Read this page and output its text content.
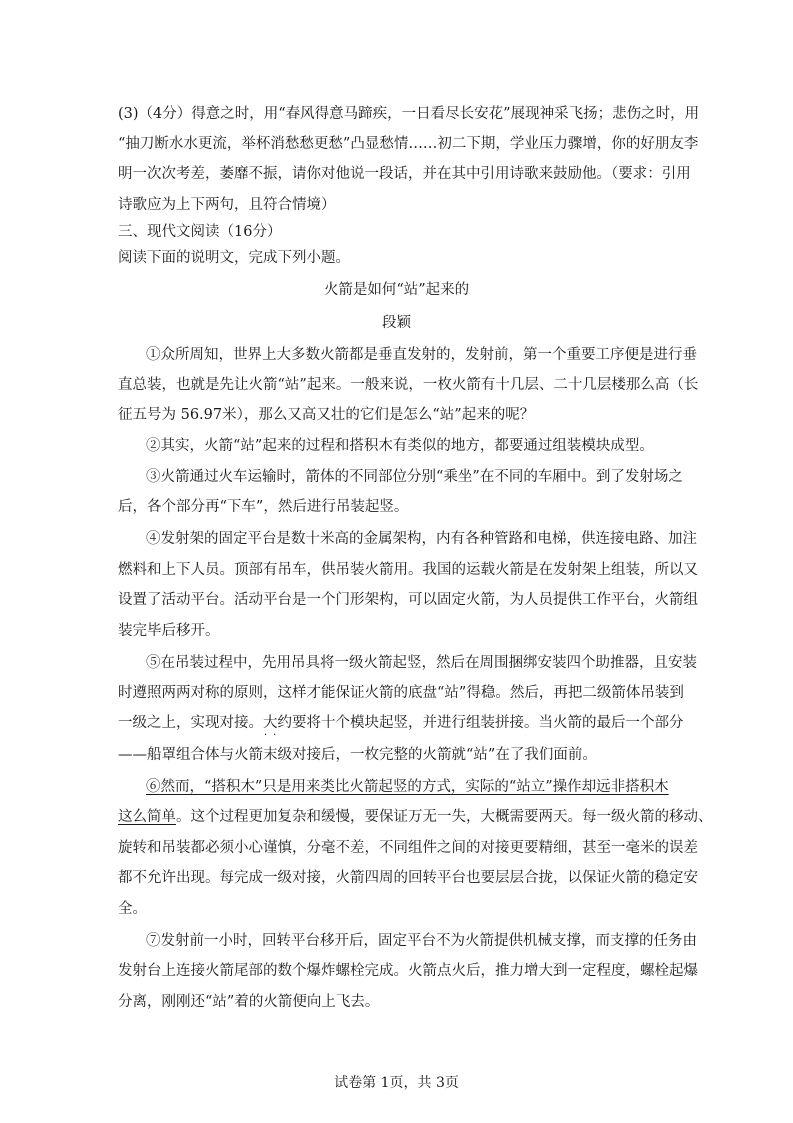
(3)（4分）得意之时，用“春风得意马蹄疾，一日看尽长安花”展现神采飞扬；悲伤之时，用
“抽刀断水水更流，举杯消愁愁更愁”凸显愁情……初二下期，学业压力骤增，你的好朋友李
明一次次考差，萎靡不振，请你对他说一段话，并在其中引用诗歌来鼓励他。（要求：引用
诗歌应为上下两句，且符合情境）
三、现代文阅读（16分）
阅读下面的说明文，完成下列小题。
火箭是如何“站”起来的
段颖
①众所周知，世界上大多数火箭都是垂直发射的，发射前，第一个重要工序便是进行垂
直总装，也就是先让火箭“站”起来。一般来说，一枚火箭有十几层、二十几层楼那么高（长
征五号为 56.97米），那么又高又壮的它们是怎么“站”起来的呢？
②其实，火箭“站”起来的过程和搭积木有类似的地方，都要通过组装模块成型。
③火箭通过火车运输时，箭体的不同部位分别“乘坐”在不同的车厢中。到了发射场之
后，各个部分再“下车”，然后进行吊装起竖。
④发射架的固定平台是数十米高的金属架构，内有各种管路和电梯，供连接电路、加注
燃料和上下人员。顶部有吊车，供吊装火箭用。我国的运载火箭是在发射架上组装，所以又
设置了活动平台。活动平台是一个门形架构，可以固定火箭，为人员提供工作平台，火箭组
装完毕后移开。
⑤在吊装过程中，先用吊具将一级火箭起竖，然后在周围捆绑安装四个助推器，且安装
时遵照两两对称的原则，这样才能保证火箭的底盘“站”得稳。然后，再把二级箭体吊装到
一级之上，实现对接。大约要将十个模块起竖，并进行组装拼接。当火箭的最后一个部分
··
——船罩组合体与火箭末级对接后，一枚完整的火箭就“站”在了我们面前。
⑥然而，“搭积木”只是用来类比火箭起竖的方式，实际的“站立”操作却远非搭积木
这么简单。这个过程更加复杂和缓慢，要保证万无一失，大概需要两天。每一级火箭的移动、
旋转和吊装都必须小心谨慎，分毫不差，不同组件之间的对接更要精细，甚至一毫米的误差
都不允许出现。每完成一级对接，火箭四周的回转平台也要层层合拢，以保证火箭的稳定安
全。
⑦发射前一小时，回转平台移开后，固定平台不为火箭提供机械支撑，而支撑的任务由
发射台上连接火箭尾部的数个爆炸螺栓完成。火箭点火后，推力增大到一定程度，螺栓起爆
分离，刚刚还“站”着的火箭便向上飞去。
试卷第 1页，共 3页
